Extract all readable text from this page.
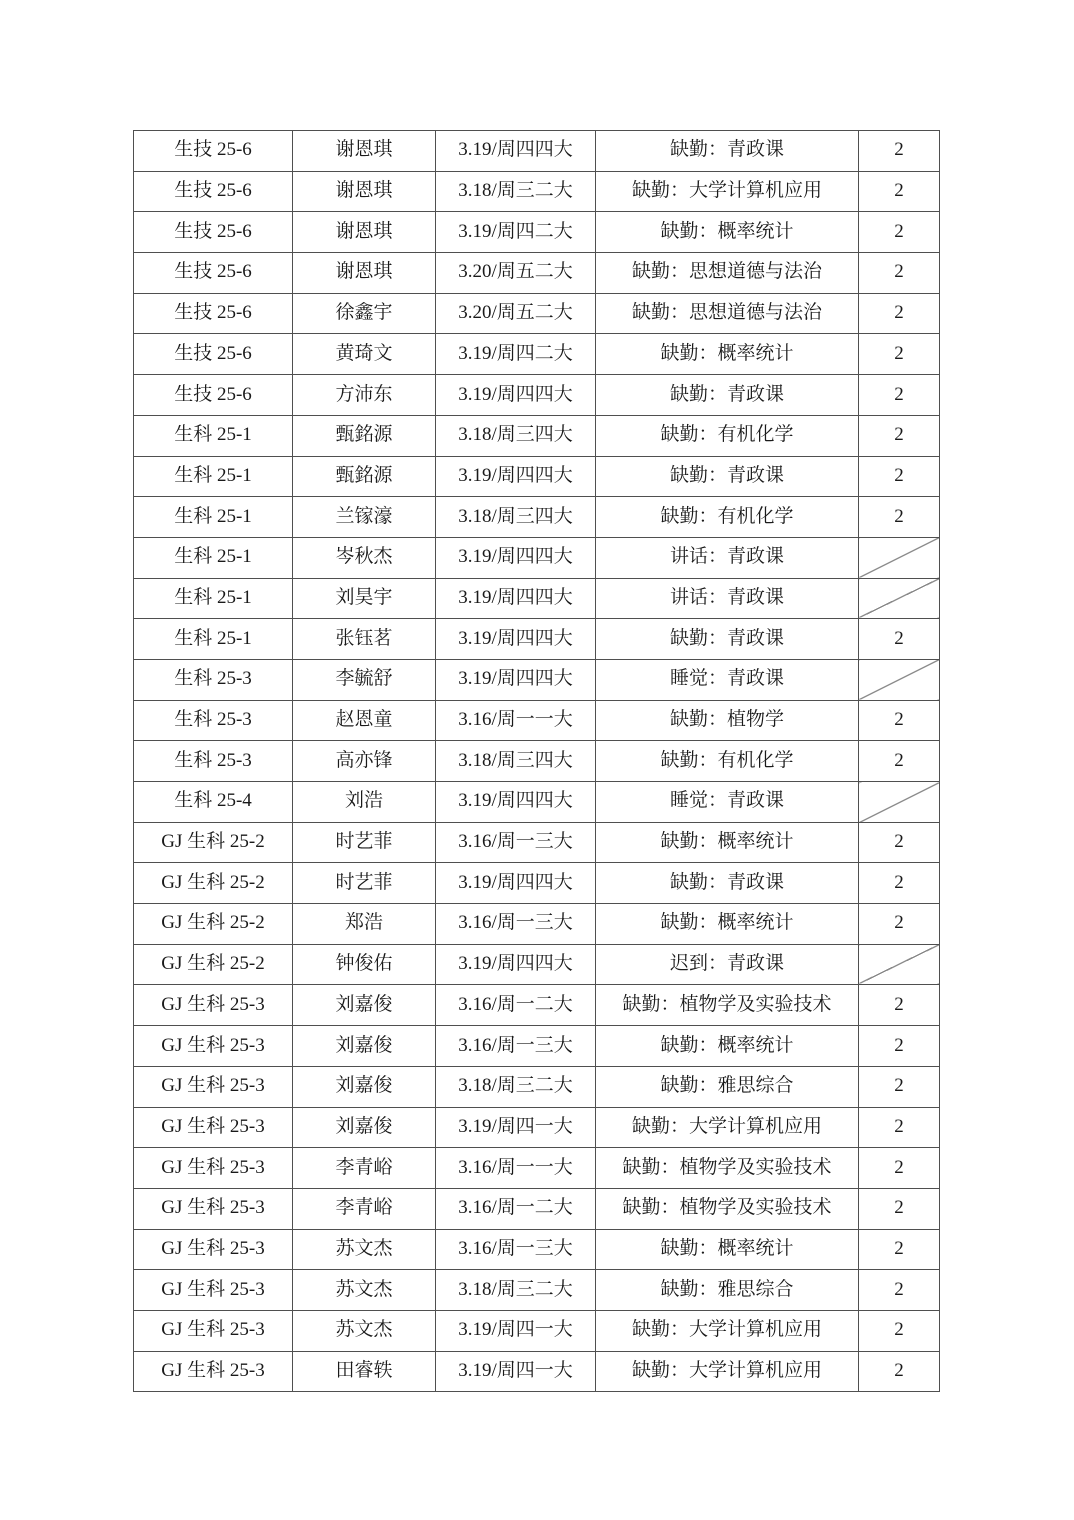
生技 25-6	谢恩琪	3.19/周四四大	缺勤：青政课	2
生技 25-6	谢恩琪	3.18/周三二大	缺勤：大学计算机应用	2
生技 25-6	谢恩琪	3.19/周四二大	缺勤：概率统计	2
生技 25-6	谢恩琪	3.20/周五二大	缺勤：思想道德与法治	2
生技 25-6	徐鑫宇	3.20/周五二大	缺勤：思想道德与法治	2
生技 25-6	黄琦文	3.19/周四二大	缺勤：概率统计	2
生技 25-6	方沛东	3.19/周四四大	缺勤：青政课	2
生科 25-1	甄銘源	3.18/周三四大	缺勤：有机化学	2
生科 25-1	甄銘源	3.19/周四四大	缺勤：青政课	2
生科 25-1	兰镓濠	3.18/周三四大	缺勤：有机化学	2
生科 25-1	岑秋杰	3.19/周四四大	讲话：青政课	
生科 25-1	刘昊宇	3.19/周四四大	讲话：青政课	
生科 25-1	张钰茗	3.19/周四四大	缺勤：青政课	2
生科 25-3	李毓舒	3.19/周四四大	睡觉：青政课	
生科 25-3	赵恩童	3.16/周一一大	缺勤：植物学	2
生科 25-3	高亦锋	3.18/周三四大	缺勤：有机化学	2
生科 25-4	刘浩	3.19/周四四大	睡觉：青政课	
GJ 生科 25-2	时艺菲	3.16/周一三大	缺勤：概率统计	2
GJ 生科 25-2	时艺菲	3.19/周四四大	缺勤：青政课	2
GJ 生科 25-2	郑浩	3.16/周一三大	缺勤：概率统计	2
GJ 生科 25-2	钟俊佑	3.19/周四四大	迟到：青政课	
GJ 生科 25-3	刘嘉俊	3.16/周一二大	缺勤：植物学及实验技术	2
GJ 生科 25-3	刘嘉俊	3.16/周一三大	缺勤：概率统计	2
GJ 生科 25-3	刘嘉俊	3.18/周三二大	缺勤：雅思综合	2
GJ 生科 25-3	刘嘉俊	3.19/周四一大	缺勤：大学计算机应用	2
GJ 生科 25-3	李青峪	3.16/周一一大	缺勤：植物学及实验技术	2
GJ 生科 25-3	李青峪	3.16/周一二大	缺勤：植物学及实验技术	2
GJ 生科 25-3	苏文杰	3.16/周一三大	缺勤：概率统计	2
GJ 生科 25-3	苏文杰	3.18/周三二大	缺勤：雅思综合	2
GJ 生科 25-3	苏文杰	3.19/周四一大	缺勤：大学计算机应用	2
GJ 生科 25-3	田睿轶	3.19/周四一大	缺勤：大学计算机应用	2
